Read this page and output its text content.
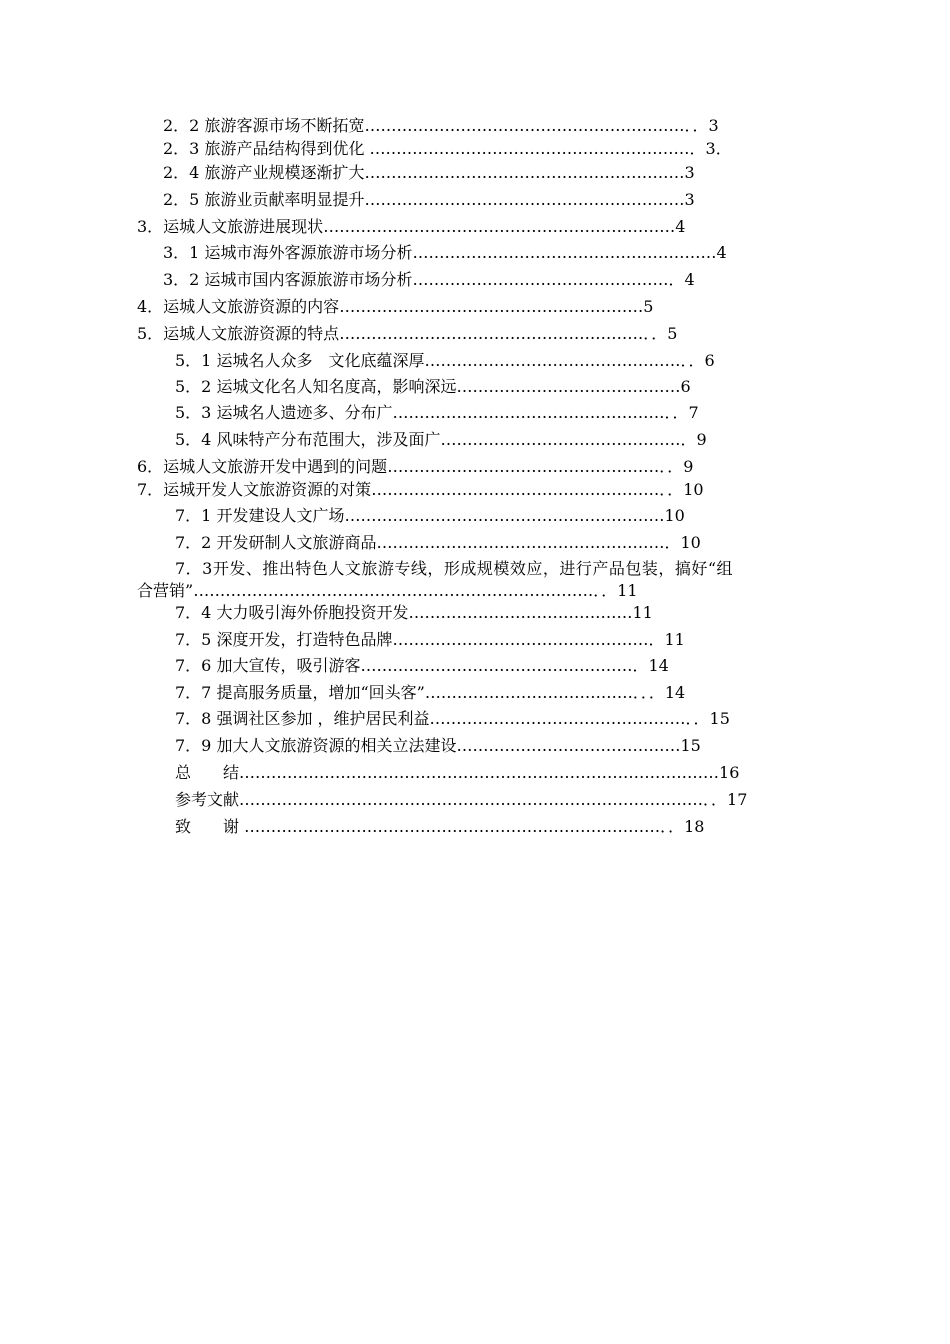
2．2 旅游客源市场不断拓宽……………………………………………………．．3
2．3 旅游产品结构得到优化 ……………………………………………………．3．
2．4 旅游产业规模逐渐扩大……………………………………………………3
2．5 旅游业贡献率明显提升……………………………………………………3
3．运城人文旅游进展现状…………………………………………………………4
3．1 运城市海外客源旅游市场分析…………………………………………………4
3．2 运城市国内客源旅游市场分析…………………………………………．4
4．运城人文旅游资源的内容…………………………………………………5
5．运城人文旅游资源的特点…………………………………………………．．5
5．1 运城名人众多　文化底蕴深厚…………………………………………．．6
5．2 运城文化名人知名度高，影响深远……………………………………6
5．3 运城名人遗迹多、分布广……………………………………………．．7
5．4 风味特产分布范围大，涉及面广………………………………………．9
6．运城人文旅游开发中遇到的问题……………………………………………．．9
7．运城开发人文旅游资源的对策………………………………………………．．10
7．1 开发建设人文广场……………………………………………………10
7．2 开发研制人文旅游商品………………………………………………．10
7．3开发、推出特色人文旅游专线，形成规模效应，进行产品包装，搞好“组
合营销”…………………………………………………………………．．11
7．4 大力吸引海外侨胞投资开发……………………………………11
7．5 深度开发，打造特色品牌…………………………………………．11
7．6 加大宣传，吸引游客……………………………………………．14
7．7 提高服务质量，增加“回头客”…………………………………．．．14
7．8 强调社区参加 ，维护居民利益…………………………………………．．15
7．9 加大人文旅游资源的相关立法建设……………………………………15
总　　结………………………………………………………………………………16
参考文献……………………………………………………………………………．．17
致　　谢 ……………………………………………………………………．．18
